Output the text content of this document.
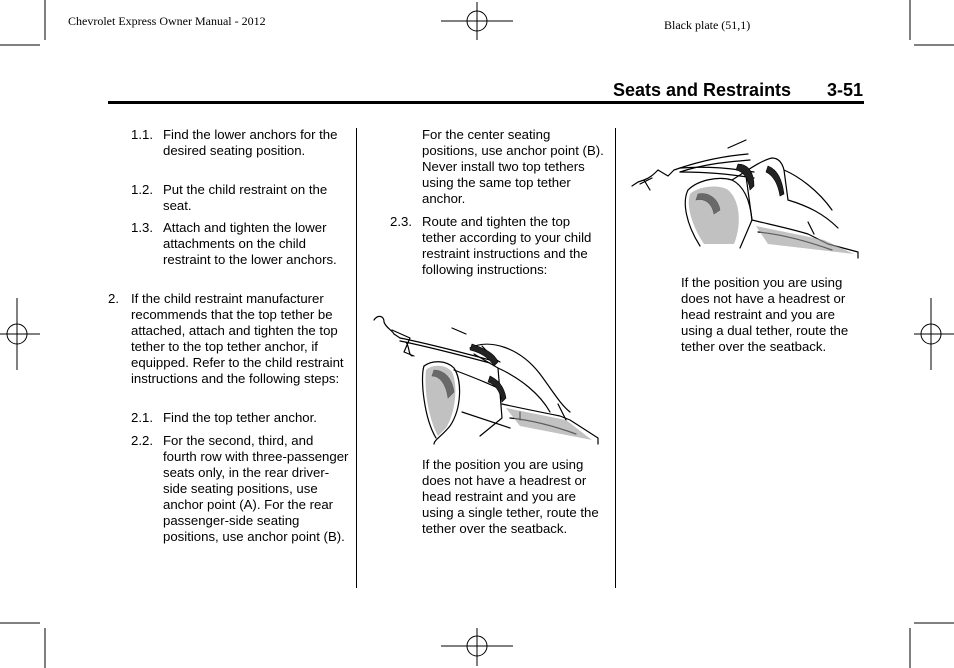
Chevrolet Express Owner Manual - 2012	Black plate (51,1)
Seats and Restraints 3-51
1.1. Find the lower anchors for the desired seating position.
1.2. Put the child restraint on the seat.
1.3. Attach and tighten the lower attachments on the child restraint to the lower anchors.
2. If the child restraint manufacturer recommends that the top tether be attached, attach and tighten the top tether to the top tether anchor, if equipped. Refer to the child restraint instructions and the following steps:
2.1. Find the top tether anchor.
2.2. For the second, third, and fourth row with three-passenger seats only, in the rear driver-side seating positions, use anchor point (A). For the rear passenger-side seating positions, use anchor point (B).
For the center seating positions, use anchor point (B). Never install two top tethers using the same top tether anchor.
2.3. Route and tighten the top tether according to your child restraint instructions and the following instructions:
If the position you are using does not have a headrest or head restraint and you are using a single tether, route the tether over the seatback.
If the position you are using does not have a headrest or head restraint and you are using a dual tether, route the tether over the seatback.
